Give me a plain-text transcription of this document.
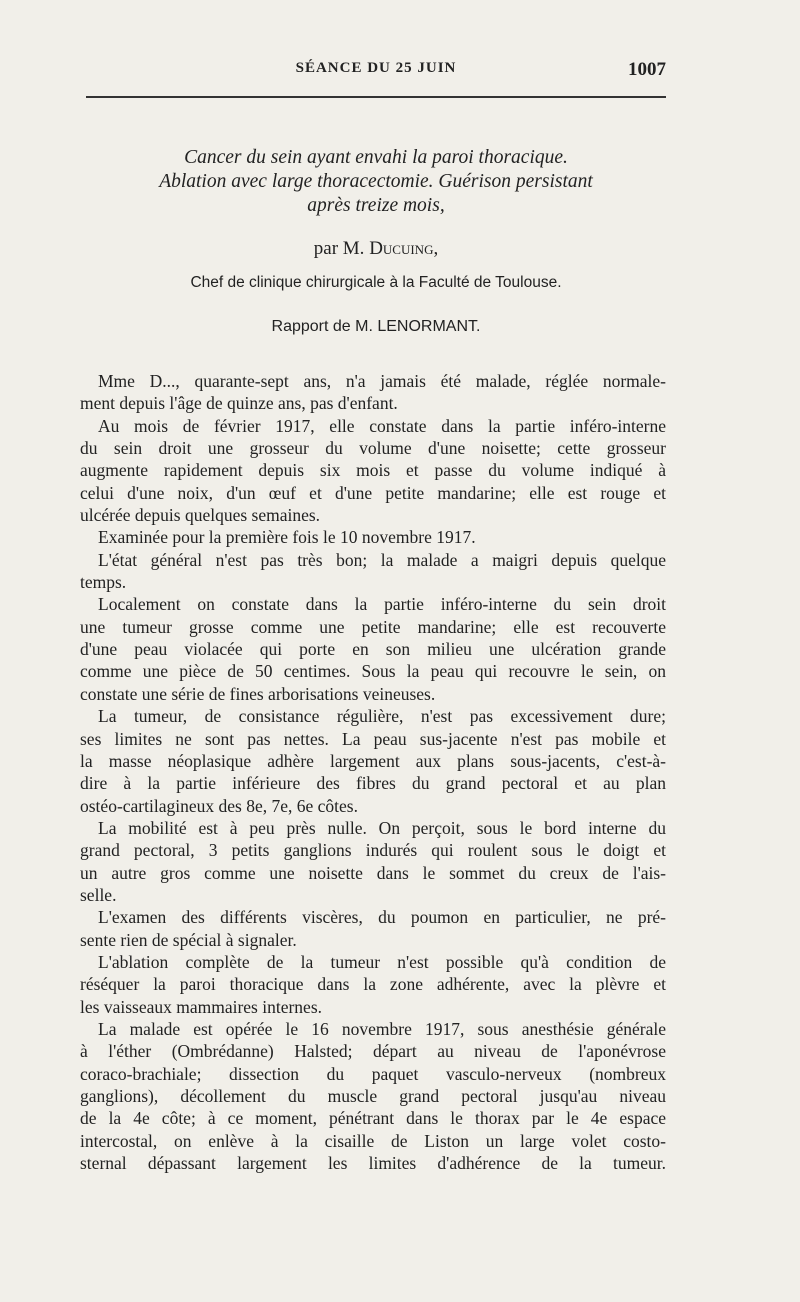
SÉANCE DU 25 JUIN	1007
Cancer du sein ayant envahi la paroi thoracique.
Ablation avec large thoracectomie. Guérison persistant
après treize mois,
par M. Ducuing,
Chef de clinique chirurgicale à la Faculté de Toulouse.
Rapport de M. LENORMANT.
Mme D..., quarante-sept ans, n'a jamais été malade, réglée normale-
ment depuis l'âge de quinze ans, pas d'enfant.
Au mois de février 1917, elle constate dans la partie inféro-interne
du sein droit une grosseur du volume d'une noisette; cette grosseur
augmente rapidement depuis six mois et passe du volume indiqué à
celui d'une noix, d'un œuf et d'une petite mandarine; elle est rouge et
ulcérée depuis quelques semaines.
Examinée pour la première fois le 10 novembre 1917.
L'état général n'est pas très bon; la malade a maigri depuis quelque
temps.
Localement on constate dans la partie inféro-interne du sein droit
une tumeur grosse comme une petite mandarine; elle est recouverte
d'une peau violacée qui porte en son milieu une ulcération grande
comme une pièce de 50 centimes. Sous la peau qui recouvre le sein, on
constate une série de fines arborisations veineuses.
La tumeur, de consistance régulière, n'est pas excessivement dure;
ses limites ne sont pas nettes. La peau sus-jacente n'est pas mobile et
la masse néoplasique adhère largement aux plans sous-jacents, c'est-à-
dire à la partie inférieure des fibres du grand pectoral et au plan
ostéo-cartilagineux des 8e, 7e, 6e côtes.
La mobilité est à peu près nulle. On perçoit, sous le bord interne du
grand pectoral, 3 petits ganglions indurés qui roulent sous le doigt et
un autre gros comme une noisette dans le sommet du creux de l'ais-
selle.
L'examen des différents viscères, du poumon en particulier, ne pré-
sente rien de spécial à signaler.
L'ablation complète de la tumeur n'est possible qu'à condition de
réséquer la paroi thoracique dans la zone adhérente, avec la plèvre et
les vaisseaux mammaires internes.
La malade est opérée le 16 novembre 1917, sous anesthésie générale
à l'éther (Ombrédanne) Halsted; départ au niveau de l'aponévrose
coraco-brachiale; dissection du paquet vasculo-nerveux (nombreux
ganglions), décollement du muscle grand pectoral jusqu'au niveau
de la 4e côte; à ce moment, pénétrant dans le thorax par le 4e espace
intercostal, on enlève à la cisaille de Liston un large volet costo-
sternal dépassant largement les limites d'adhérence de la tumeur.
